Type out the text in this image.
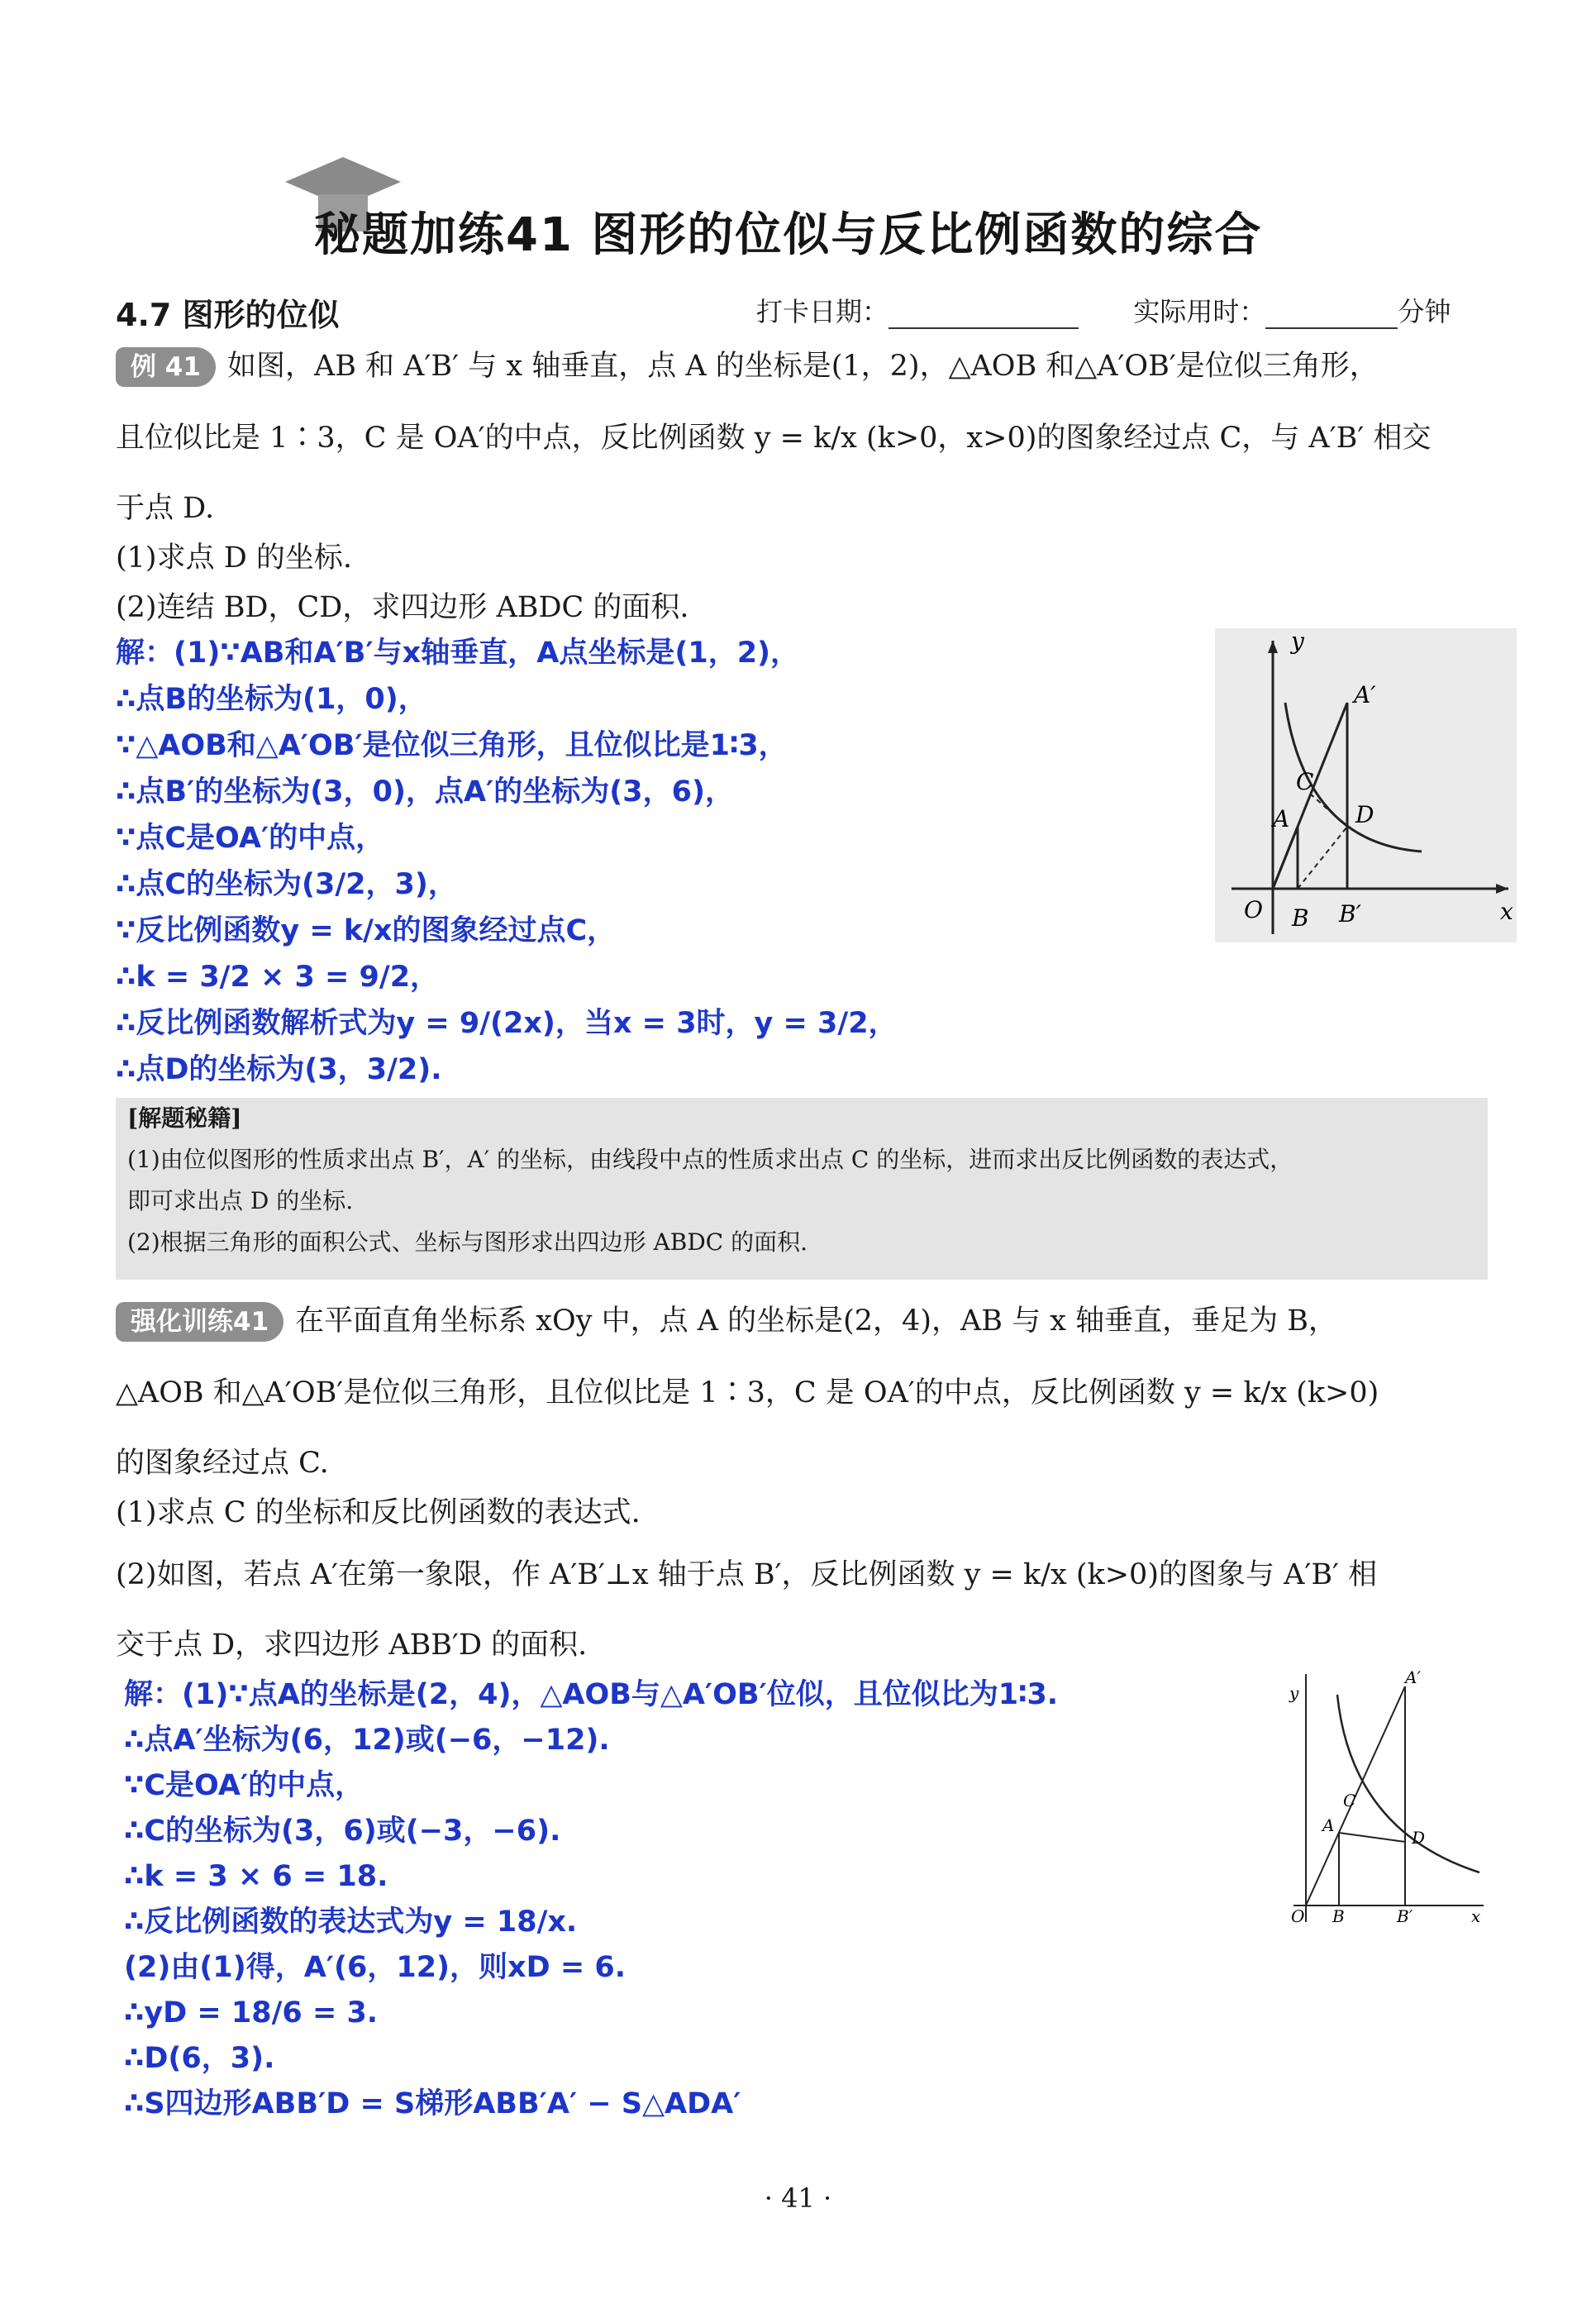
秘题加练41 图形的位似与反比例函数的综合
4.7 图形的位似	打卡日期：	实际用时：	分钟
例 41 如图，AB 和 A′B′ 与 x 轴垂直，点 A 的坐标是(1，2)，△AOB 和△A′OB′是位似三角形，
且位似比是 1∶3，C 是 OA′的中点，反比例函数 y = k/x (k>0，x>0)的图象经过点 C，与 A′B′ 相交
于点 D.
(1)求点 D 的坐标.
(2)连结 BD，CD，求四边形 ABDC 的面积.
解：(1)∵AB和A′B′与x轴垂直，A点坐标是(1，2)，
∴点B的坐标为(1，0)，
∵△AOB和△A′OB′是位似三角形，且位似比是1∶3，
∴点B′的坐标为(3，0)，点A′的坐标为(3，6)，
∵点C是OA′的中点，
∴点C的坐标为(3/2，3)，
∵反比例函数y = k/x的图象经过点C，
∴k = 3/2 × 3 = 9/2，
∴反比例函数解析式为y = 9/(2x)，当x = 3时，y = 3/2，
∴点D的坐标为(3，3/2).
y
x
O
A
B
C
D
A′
B′
[解题秘籍]
(1)由位似图形的性质求出点 B′，A′ 的坐标，由线段中点的性质求出点 C 的坐标，进而求出反比例函数的表达式，
即可求出点 D 的坐标.
(2)根据三角形的面积公式、坐标与图形求出四边形 ABDC 的面积.
强化训练41 在平面直角坐标系 xOy 中，点 A 的坐标是(2，4)，AB 与 x 轴垂直，垂足为 B，
△AOB 和△A′OB′是位似三角形，且位似比是 1∶3，C 是 OA′的中点，反比例函数 y = k/x (k>0)
的图象经过点 C.
(1)求点 C 的坐标和反比例函数的表达式.
(2)如图，若点 A′在第一象限，作 A′B′⊥x 轴于点 B′，反比例函数 y = k/x (k>0)的图象与 A′B′ 相
交于点 D，求四边形 ABB′D 的面积.
解：(1)∵点A的坐标是(2，4)，△AOB与△A′OB′位似，且位似比为1∶3.
∴点A′坐标为(6，12)或(−6，−12).
∵C是OA′的中点，
∴C的坐标为(3，6)或(−3，−6).
∴k = 3 × 6 = 18.
∴反比例函数的表达式为y = 18/x.
(2)由(1)得，A′(6，12)，则xD = 6.
∴yD = 18/6 = 3.
∴D(6，3).
∴S四边形ABB′D = S梯形ABB′A′ − S△ADA′
y
x
O
A
B
C
D
A′
B′
· 41 ·
